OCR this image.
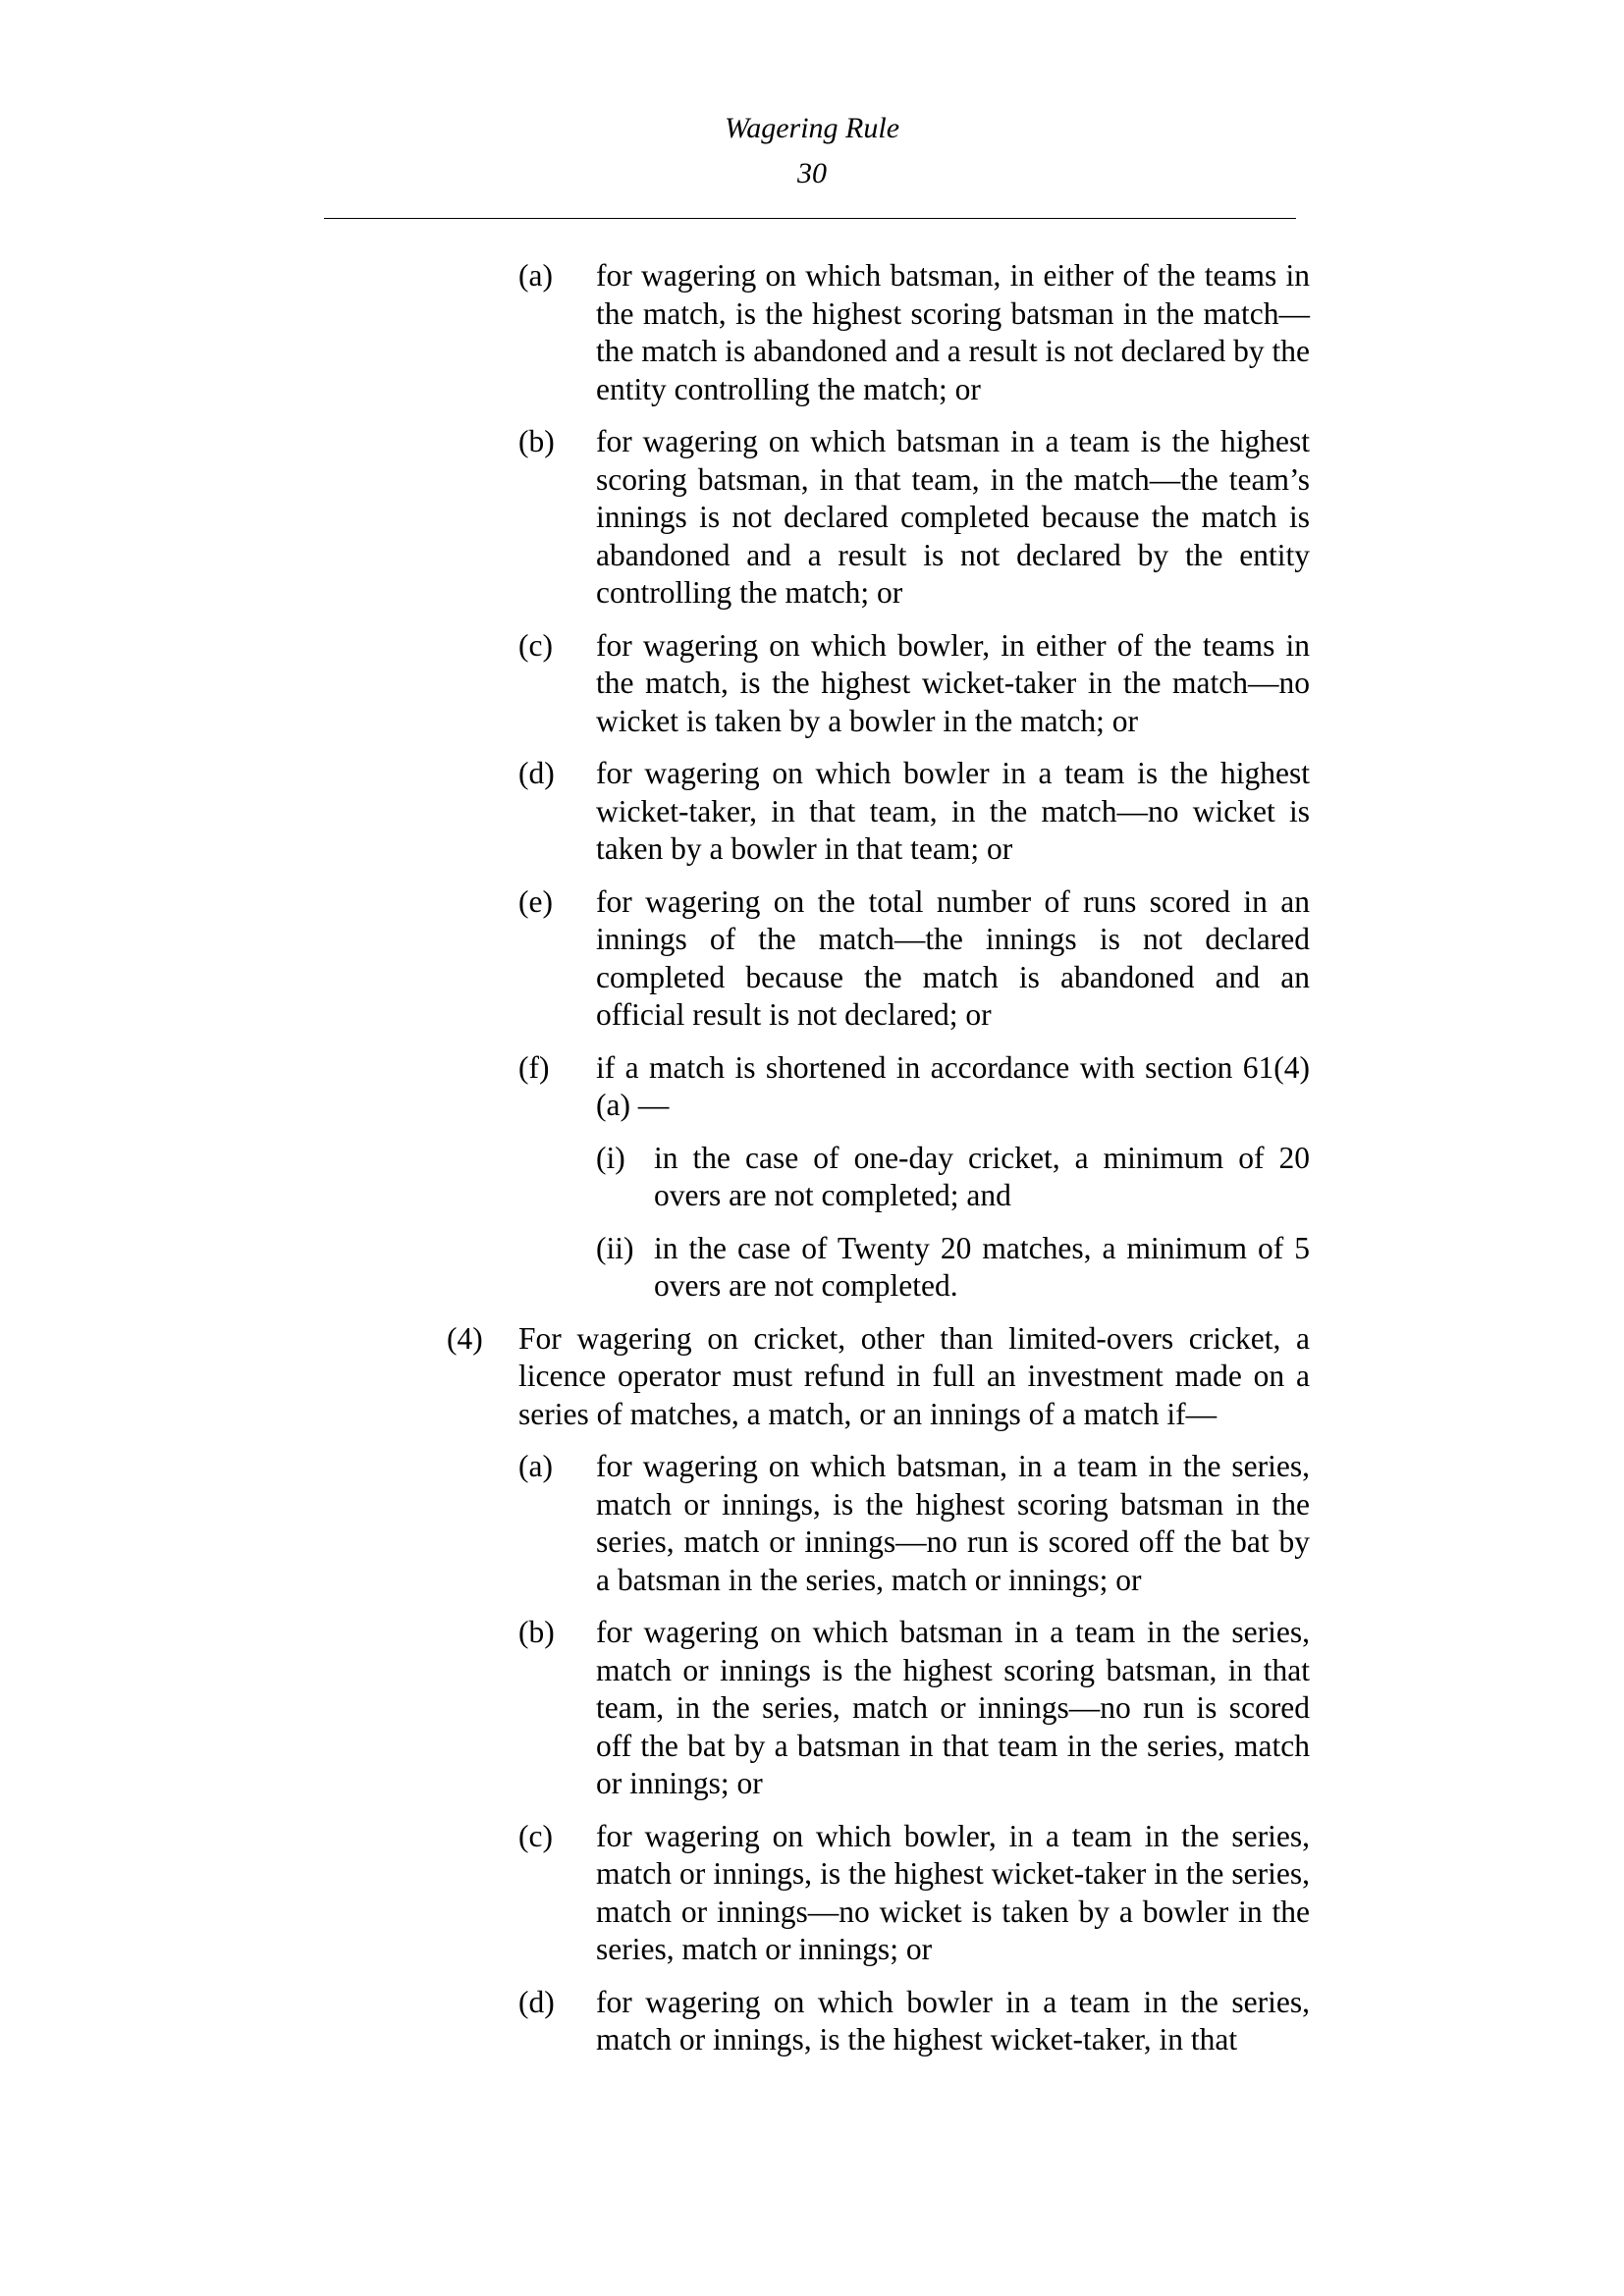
Wagering Rule
30
(a) for wagering on which batsman, in either of the teams in the match, is the highest scoring batsman in the match—the match is abandoned and a result is not declared by the entity controlling the match; or
(b) for wagering on which batsman in a team is the highest scoring batsman, in that team, in the match—the team’s innings is not declared completed because the match is abandoned and a result is not declared by the entity controlling the match; or
(c) for wagering on which bowler, in either of the teams in the match, is the highest wicket-taker in the match—no wicket is taken by a bowler in the match; or
(d) for wagering on which bowler in a team is the highest wicket-taker, in that team, in the match—no wicket is taken by a bowler in that team; or
(e) for wagering on the total number of runs scored in an innings of the match—the innings is not declared completed because the match is abandoned and an official result is not declared; or
(f) if a match is shortened in accordance with section 61(4)(a) —
(i) in the case of one-day cricket, a minimum of 20 overs are not completed; and
(ii) in the case of Twenty 20 matches, a minimum of 5 overs are not completed.
(4) For wagering on cricket, other than limited-overs cricket, a licence operator must refund in full an investment made on a series of matches, a match, or an innings of a match if—
(a) for wagering on which batsman, in a team in the series, match or innings, is the highest scoring batsman in the series, match or innings—no run is scored off the bat by a batsman in the series, match or innings; or
(b) for wagering on which batsman in a team in the series, match or innings is the highest scoring batsman, in that team, in the series, match or innings—no run is scored off the bat by a batsman in that team in the series, match or innings; or
(c) for wagering on which bowler, in a team in the series, match or innings, is the highest wicket-taker in the series, match or innings—no wicket is taken by a bowler in the series, match or innings; or
(d) for wagering on which bowler in a team in the series, match or innings, is the highest wicket-taker, in that
